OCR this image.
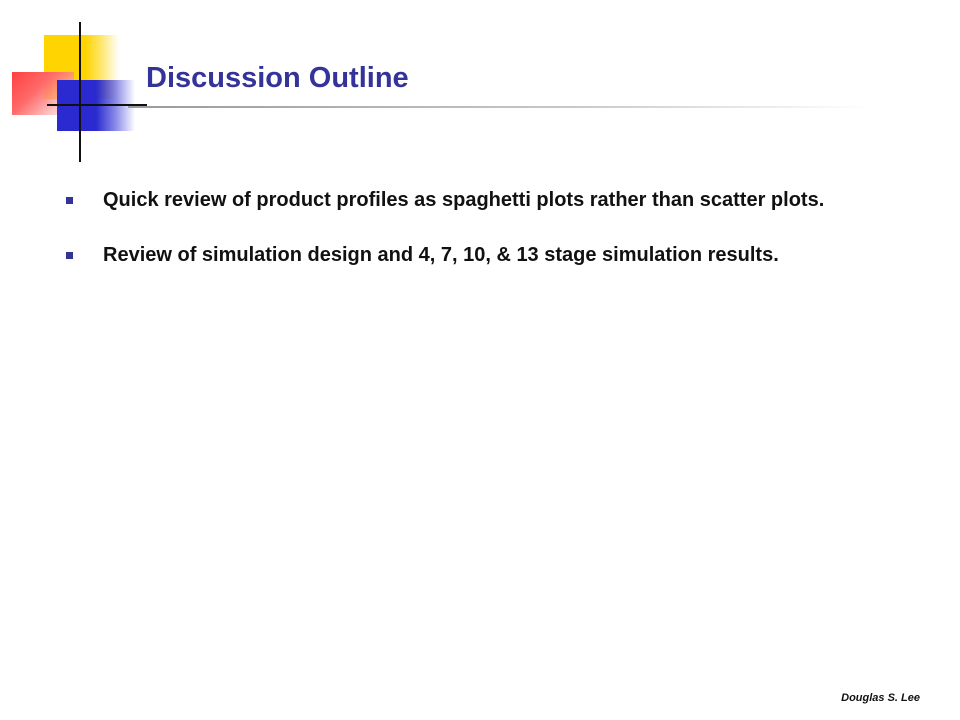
Discussion Outline
Quick review of product profiles as spaghetti plots rather than scatter plots.
Review of simulation design and 4, 7, 10, & 13 stage simulation results.
Douglas S. Lee
